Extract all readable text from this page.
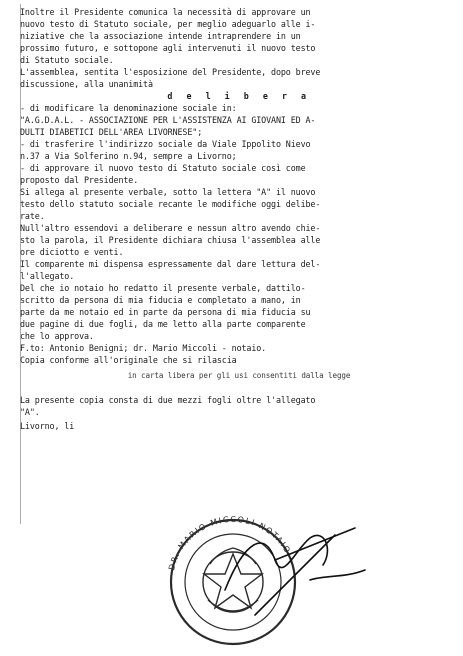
Inoltre il Presidente comunica la necessità di approvare un
nuovo testo di Statuto sociale, per meglio adeguarlo alle i-
niziative che la associazione intende intraprendere in un
prossimo futuro, e sottopone agli intervenuti il nuovo testo
di Statuto sociale.
L'assemblea, sentita l'esposizione del Presidente, dopo breve
discussione, alla unanimità
d e l i b e r a
- di modificare la denominazione sociale in:
"A.G.D.A.L. - ASSOCIAZIONE PER L'ASSISTENZA AI GIOVANI ED A-
DULTI DIABETICI DELL'AREA LIVORNESE";
- di trasferire l'indirizzo sociale da Viale Ippolito Nievo
n.37 a Via Solferino n.94, sempre a Livorno;
- di approvare il nuovo testo di Statuto sociale così come
proposto dal Presidente.
Si allega al presente verbale, sotto la lettera "A" il nuovo
testo dello statuto sociale recante le modifiche oggi delibe-
rate.
Null'altro essendovi a deliberare e nessun altro avendo chie-
sto la parola, il Presidente dichiara chiusa l'assemblea alle
ore diciotto e venti.
Il comparente mi dispensa espressamente dal dare lettura del-
l'allegato.
Del che io notaio ho redatto il presente verbale, dattilo-
scritto da persona di mia fiducia e completato a mano, in
parte da me notaio ed in parte da persona di mia fiducia su
due pagine di due fogli, da me letto alla parte comparente
che lo approva.
F.to: Antonio Benigni; dr. Mario Miccoli - notaio.
Copia conforme all'originale che si rilascia
in carta libera per gli usi consentiti dalla legge
La presente copia consta di due mezzi fogli oltre l'allegato
"A".
Livorno, li
DR. MARIO MICCOLI NOTAIO
